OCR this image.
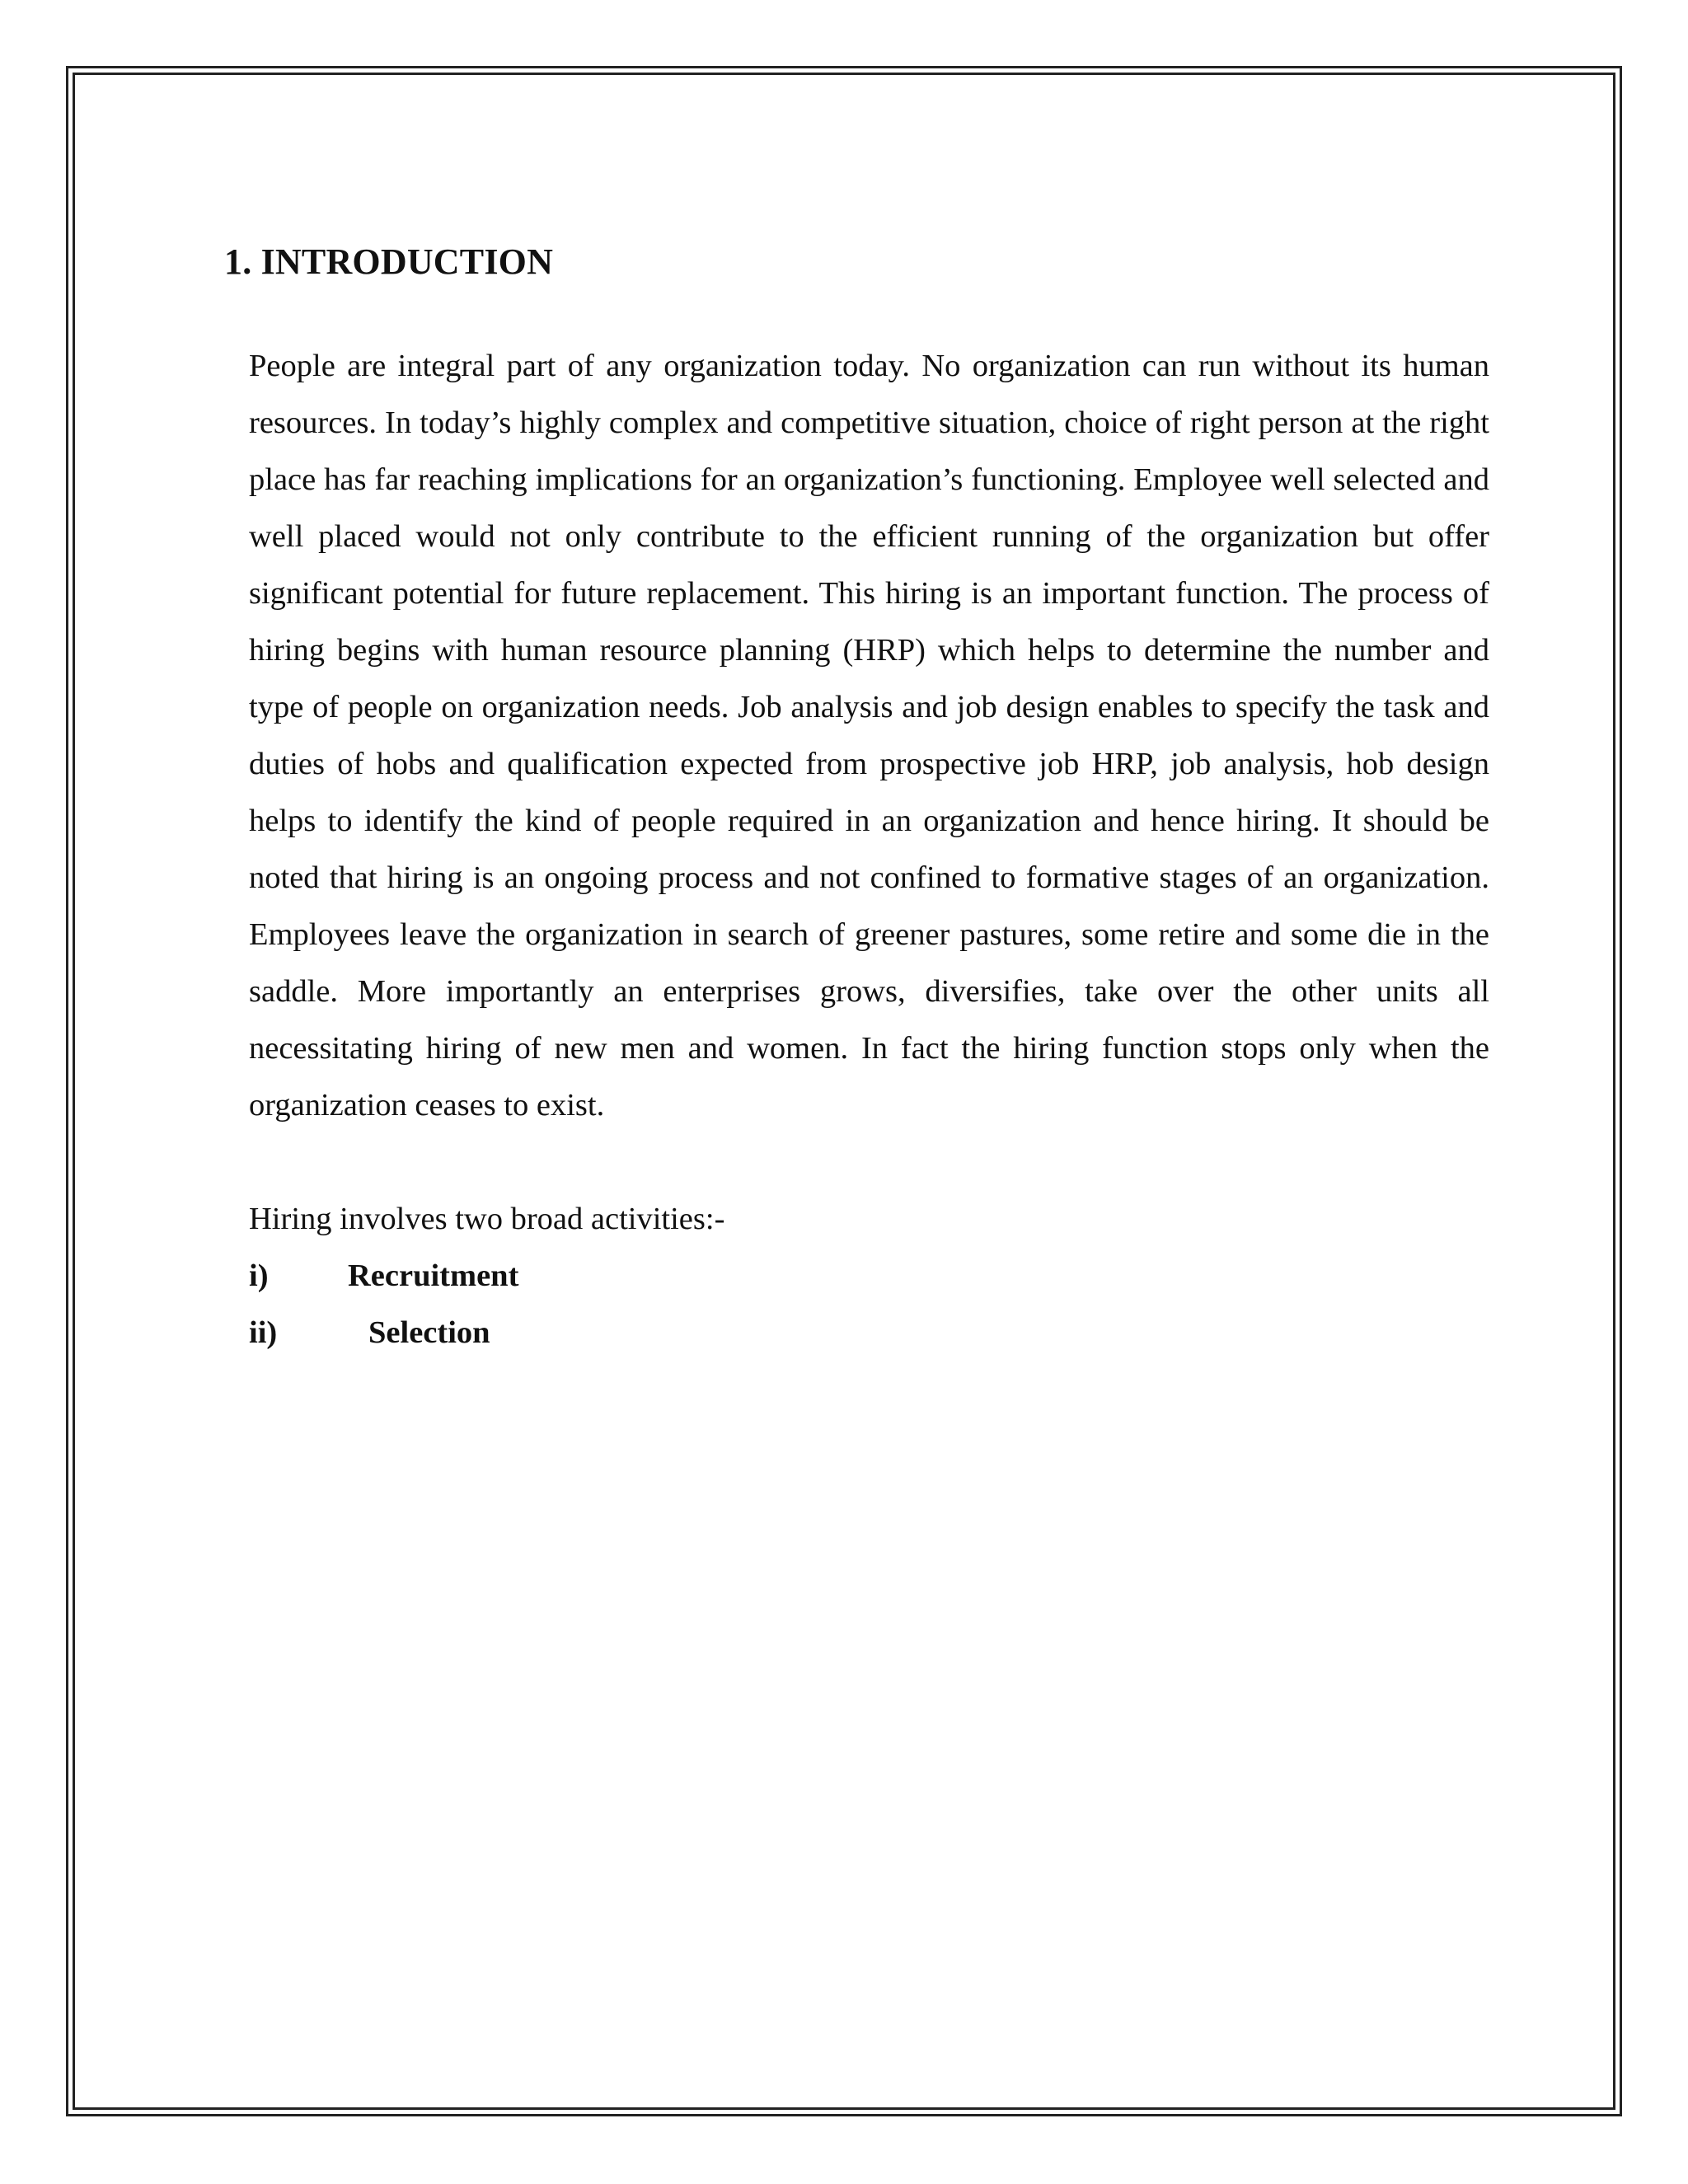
1. INTRODUCTION

People are integral part of any organization today. No organization can run without its human resources. In today’s highly complex and competitive situation, choice of right person at the right place has far reaching implications for an organization’s functioning. Employee well selected and well placed would not only contribute to the efficient running of the organization but offer significant potential for future replacement. This hiring is an important function. The process of hiring begins with human resource planning (HRP) which helps to determine the number and type of people on organization needs. Job analysis and job design enables to specify the task and duties of hobs and qualification expected from prospective job HRP, job analysis, hob design helps to identify the kind of people required in an organization and hence hiring. It should be noted that hiring is an ongoing process and not confined to formative stages of an organization. Employees leave the organization in search of greener pastures, some retire and some die in the saddle. More importantly an enterprises grows, diversifies, take over the other units all necessitating hiring of new men and women. In fact the hiring function stops only when the organization ceases to exist.

Hiring involves two broad activities:-

i)	Recruitment
ii)	Selection
